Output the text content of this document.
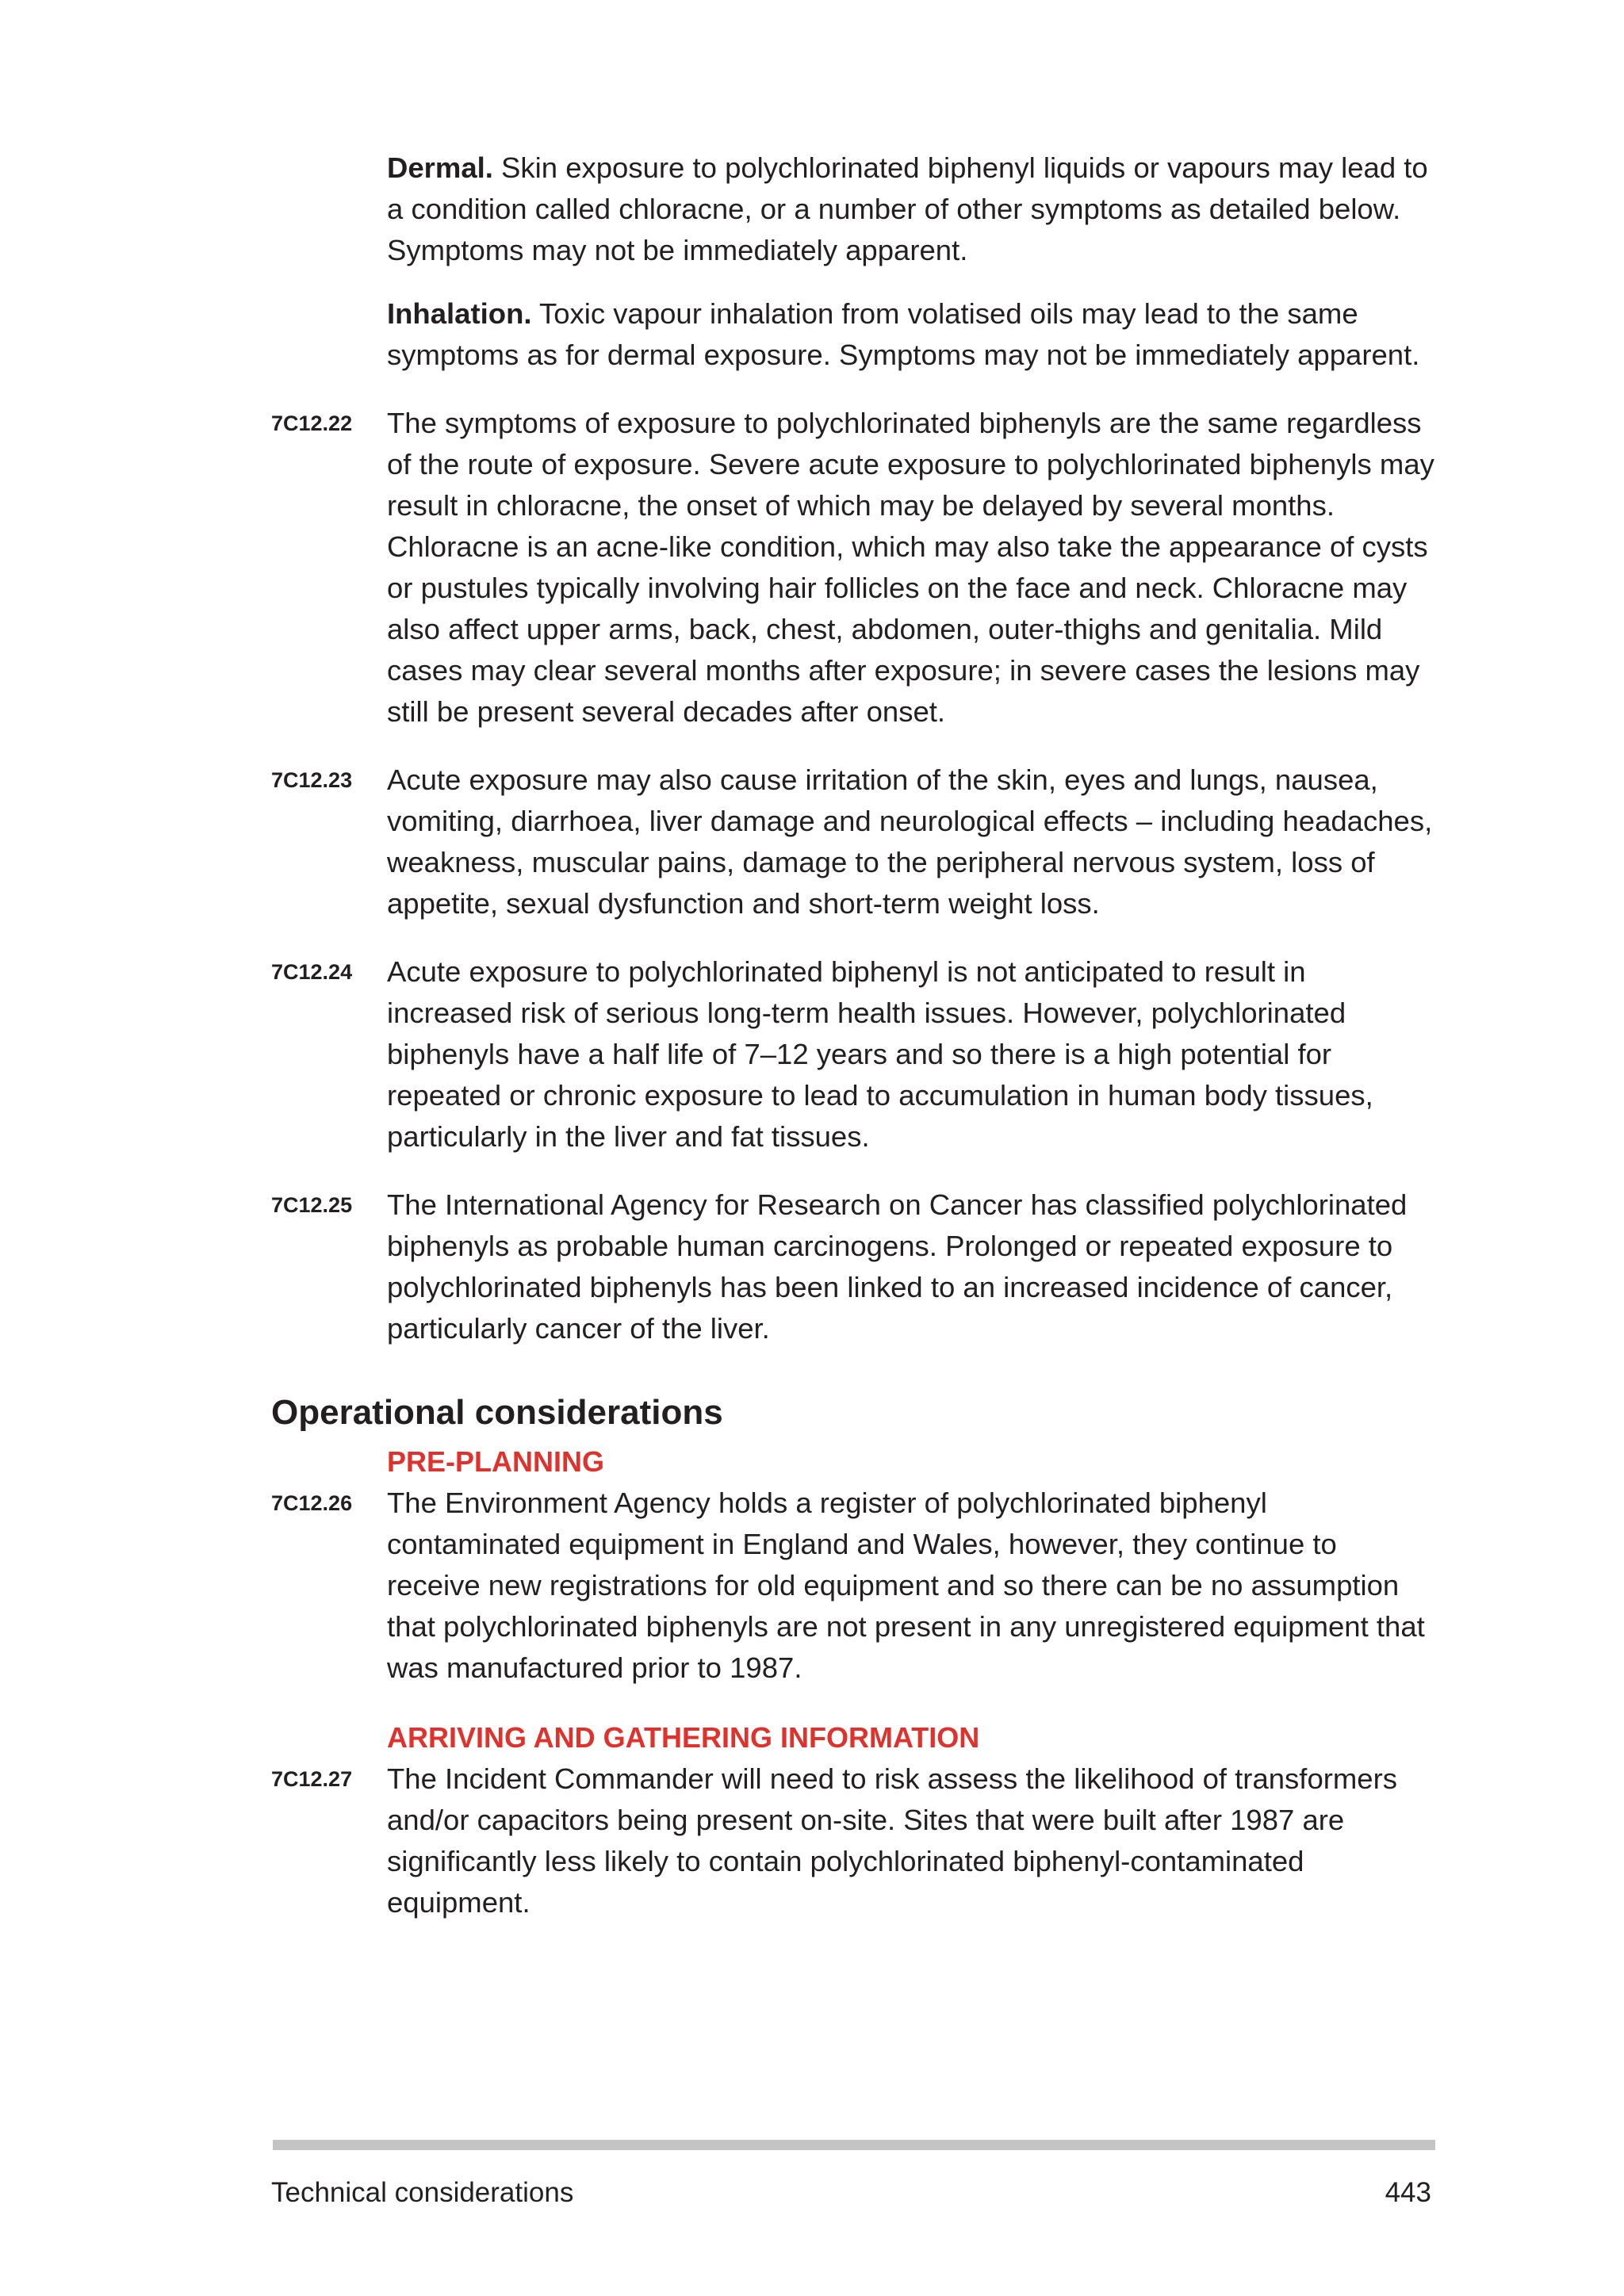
Dermal. Skin exposure to polychlorinated biphenyl liquids or vapours may lead to a condition called chloracne, or a number of other symptoms as detailed below. Symptoms may not be immediately apparent.

Inhalation. Toxic vapour inhalation from volatised oils may lead to the same symptoms as for dermal exposure. Symptoms may not be immediately apparent.

7C12.22 The symptoms of exposure to polychlorinated biphenyls are the same regardless of the route of exposure. Severe acute exposure to polychlorinated biphenyls may result in chloracne, the onset of which may be delayed by several months. Chloracne is an acne-like condition, which may also take the appearance of cysts or pustules typically involving hair follicles on the face and neck. Chloracne may also affect upper arms, back, chest, abdomen, outer-thighs and genitalia. Mild cases may clear several months after exposure; in severe cases the lesions may still be present several decades after onset.

7C12.23 Acute exposure may also cause irritation of the skin, eyes and lungs, nausea, vomiting, diarrhoea, liver damage and neurological effects – including headaches, weakness, muscular pains, damage to the peripheral nervous system, loss of appetite, sexual dysfunction and short-term weight loss.

7C12.24 Acute exposure to polychlorinated biphenyl is not anticipated to result in increased risk of serious long-term health issues. However, polychlorinated biphenyls have a half life of 7–12 years and so there is a high potential for repeated or chronic exposure to lead to accumulation in human body tissues, particularly in the liver and fat tissues.

7C12.25 The International Agency for Research on Cancer has classified polychlorinated biphenyls as probable human carcinogens. Prolonged or repeated exposure to polychlorinated biphenyls has been linked to an increased incidence of cancer, particularly cancer of the liver.

Operational considerations
PRE-PLANNING

7C12.26 The Environment Agency holds a register of polychlorinated biphenyl contaminated equipment in England and Wales, however, they continue to receive new registrations for old equipment and so there can be no assumption that polychlorinated biphenyls are not present in any unregistered equipment that was manufactured prior to 1987.

ARRIVING AND GATHERING INFORMATION

7C12.27 The Incident Commander will need to risk assess the likelihood of transformers and/or capacitors being present on-site. Sites that were built after 1987 are significantly less likely to contain polychlorinated biphenyl-contaminated equipment.

Technical considerations	443
